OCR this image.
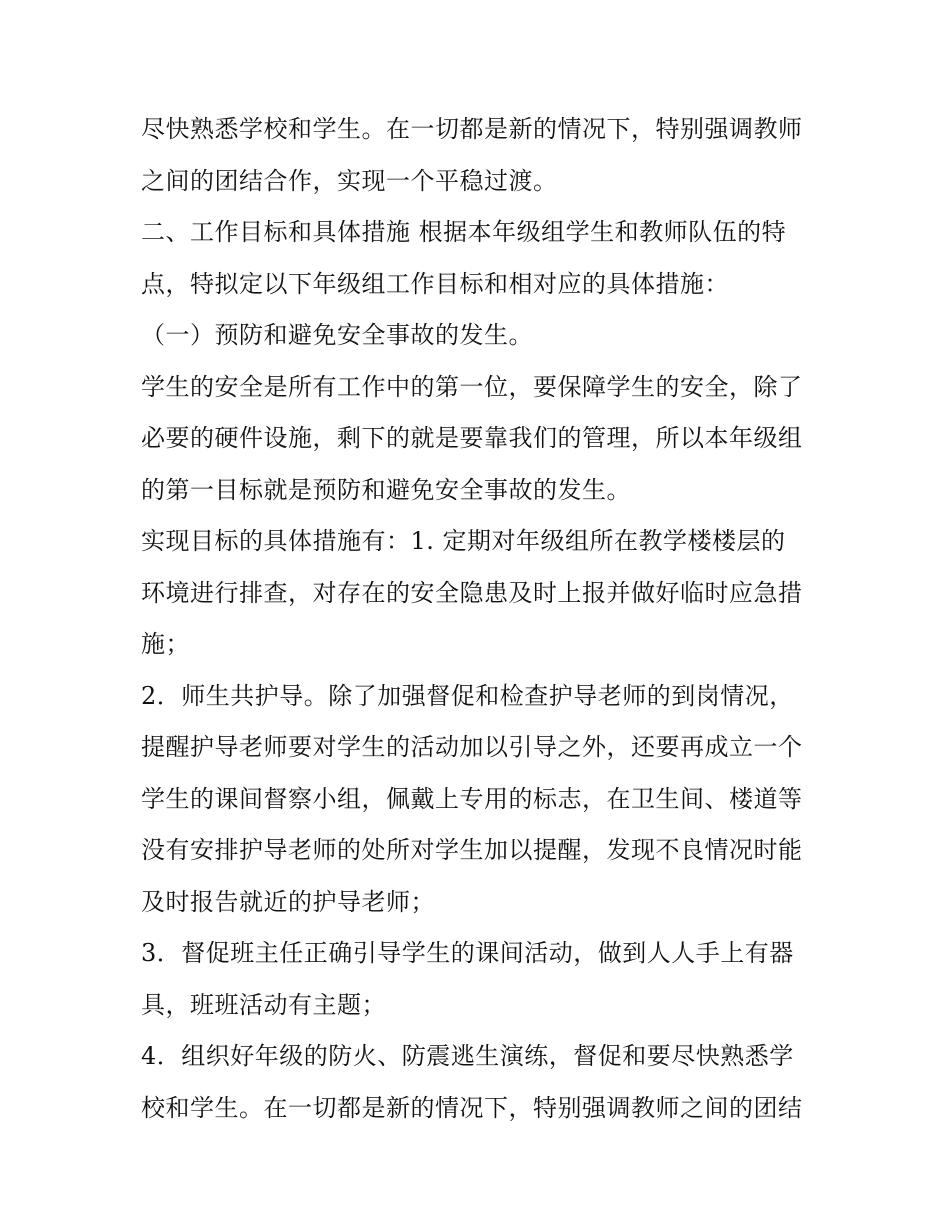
尽快熟悉学校和学生。在一切都是新的情况下，特别强调教师
之间的团结合作，实现一个平稳过渡。
二、工作目标和具体措施 根据本年级组学生和教师队伍的特
点，特拟定以下年级组工作目标和相对应的具体措施：
（一）预防和避免安全事故的发生。
学生的安全是所有工作中的第一位，要保障学生的安全，除了
必要的硬件设施，剩下的就是要靠我们的管理，所以本年级组
的第一目标就是预防和避免安全事故的发生。
实现目标的具体措施有：1. 定期对年级组所在教学楼楼层的
环境进行排查，对存在的安全隐患及时上报并做好临时应急措
施；
2．师生共护导。除了加强督促和检查护导老师的到岗情况，
提醒护导老师要对学生的活动加以引导之外，还要再成立一个
学生的课间督察小组，佩戴上专用的标志，在卫生间、楼道等
没有安排护导老师的处所对学生加以提醒，发现不良情况时能
及时报告就近的护导老师；
3．督促班主任正确引导学生的课间活动，做到人人手上有器
具，班班活动有主题；
4．组织好年级的防火、防震逃生演练，督促和要尽快熟悉学
校和学生。在一切都是新的情况下，特别强调教师之间的团结
